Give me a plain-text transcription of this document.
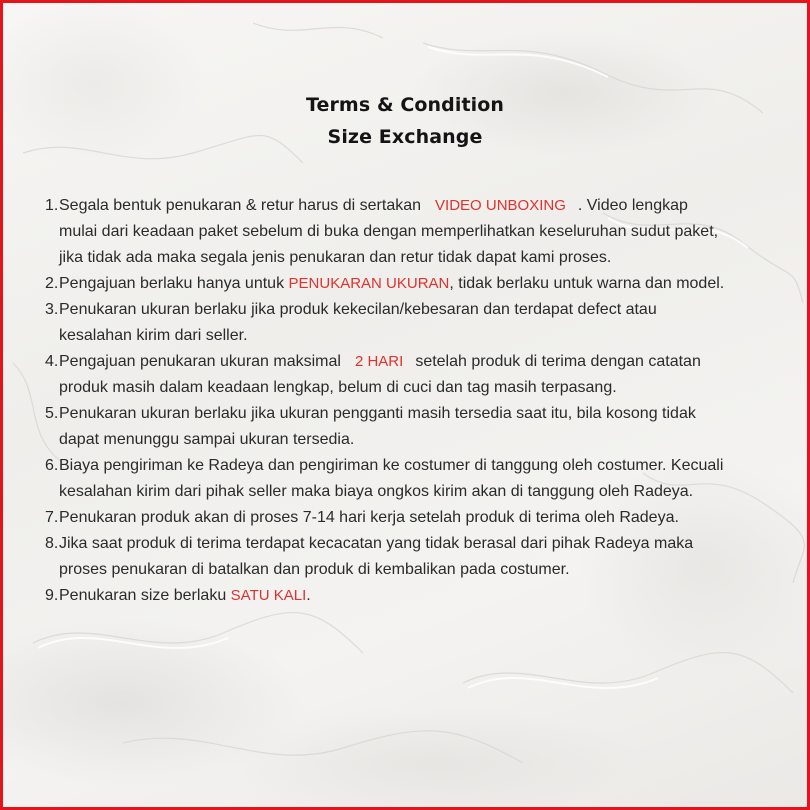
Terms & Condition
Size Exchange
1. Segala bentuk penukaran & retur harus di sertakan VIDEO UNBOXING . Video lengkap
mulai dari keadaan paket sebelum di buka dengan memperlihatkan keseluruhan sudut paket,
jika tidak ada maka segala jenis penukaran dan retur tidak dapat kami proses.
2. Pengajuan berlaku hanya untuk PENUKARAN UKURAN, tidak berlaku untuk warna dan model.
3. Penukaran ukuran berlaku jika produk kekecilan/kebesaran dan terdapat defect atau
kesalahan kirim dari seller.
4. Pengajuan penukaran ukuran maksimal 2 HARI setelah produk di terima dengan catatan
produk masih dalam keadaan lengkap, belum di cuci dan tag masih terpasang.
5. Penukaran ukuran berlaku jika ukuran pengganti masih tersedia saat itu, bila kosong tidak
dapat menunggu sampai ukuran tersedia.
6. Biaya pengiriman ke Radeya dan pengiriman ke costumer di tanggung oleh costumer. Kecuali
kesalahan kirim dari pihak seller maka biaya ongkos kirim akan di tanggung oleh Radeya.
7. Penukaran produk akan di proses 7-14 hari kerja setelah produk di terima oleh Radeya.
8. Jika saat produk di terima terdapat kecacatan yang tidak berasal dari pihak Radeya maka
proses penukaran di batalkan dan produk di kembalikan pada costumer.
9. Penukaran size berlaku SATU KALI.
